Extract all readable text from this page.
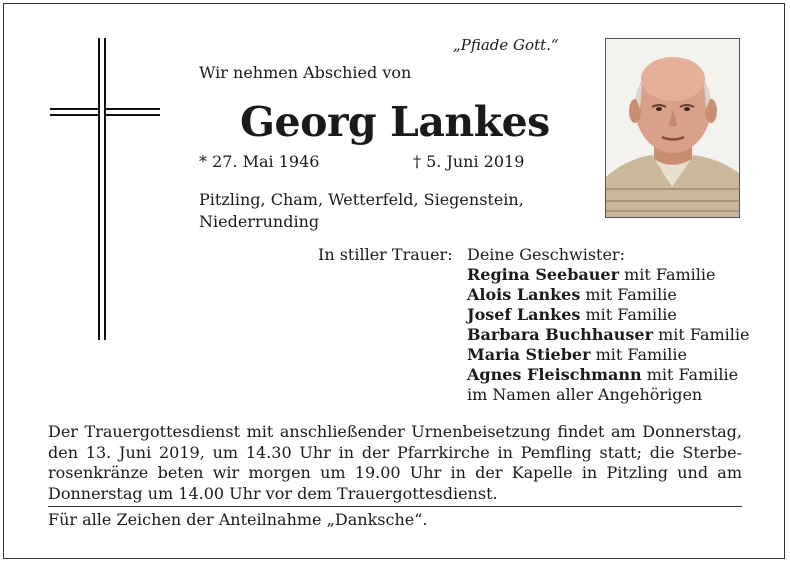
„Pfiade Gott.“
Wir nehmen Abschied von
Georg Lankes
* 27. Mai 1946	† 5. Juni 2019
Pitzling, Cham, Wetterfeld, Siegenstein, Niederrunding
In stiller Trauer: Deine Geschwister:
Regina Seebauer mit Familie
Alois Lankes mit Familie
Josef Lankes mit Familie
Barbara Buchhauser mit Familie
Maria Stieber mit Familie
Agnes Fleischmann mit Familie
im Namen aller Angehörigen
Der Trauergottesdienst mit anschließender Urnenbeisetzung findet am Donnerstag, den 13. Juni 2019, um 14.30 Uhr in der Pfarrkirche in Pemfling statt; die Sterberosenkränze beten wir morgen um 19.00 Uhr in der Kapelle in Pitzling und am Donnerstag um 14.00 Uhr vor dem Trauergottesdienst.
Für alle Zeichen der Anteilnahme „Danksche“.
